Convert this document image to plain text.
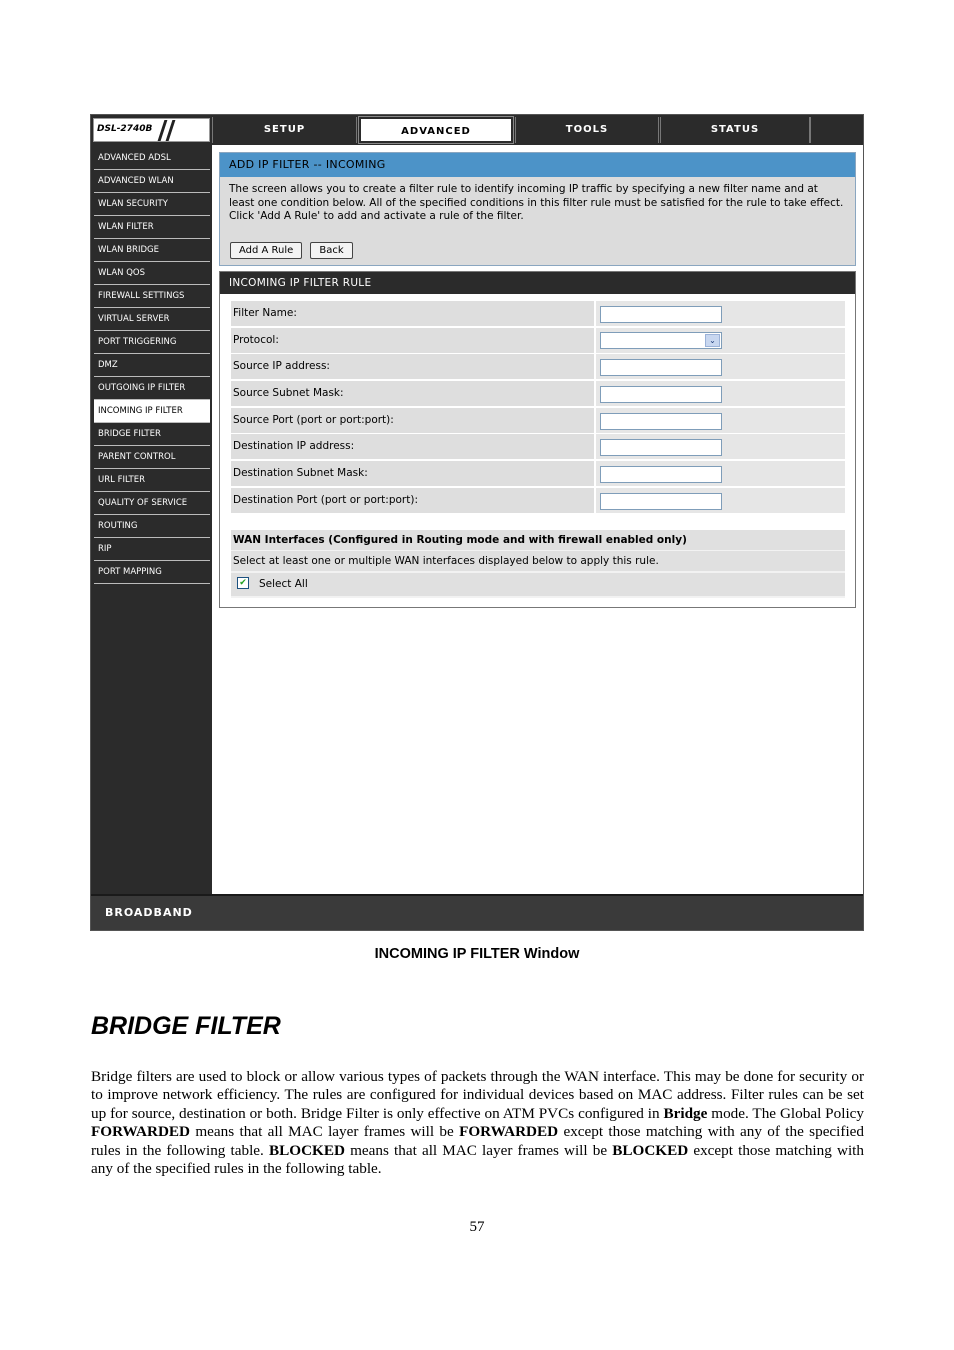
DSL-2740B	SETUP	ADVANCED	TOOLS	STATUS
ADVANCED ADSL
ADVANCED WLAN
WLAN SECURITY
WLAN FILTER
WLAN BRIDGE
WLAN QOS
FIREWALL SETTINGS
VIRTUAL SERVER
PORT TRIGGERING
DMZ
OUTGOING IP FILTER
INCOMING IP FILTER
BRIDGE FILTER
PARENT CONTROL
URL FILTER
QUALITY OF SERVICE
ROUTING
RIP
PORT MAPPING
ADD IP FILTER -- INCOMING
The screen allows you to create a filter rule to identify incoming IP traffic by specifying a new filter name and at least one condition below. All of the specified conditions in this filter rule must be satisfied for the rule to take effect. Click 'Add A Rule' to add and activate a rule of the filter.
Add A Rule	Back
INCOMING IP FILTER RULE
Filter Name:
Protocol:	⌄
Source IP address:
Source Subnet Mask:
Source Port (port or port:port):
Destination IP address:
Destination Subnet Mask:
Destination Port (port or port:port):
WAN Interfaces (Configured in Routing mode and with firewall enabled only)
Select at least one or multiple WAN interfaces displayed below to apply this rule.
✔ Select All
BROADBAND
INCOMING IP FILTER Window
BRIDGE FILTER

Bridge filters are used to block or allow various types of packets through the WAN interface. This may be done for security or to improve network efficiency. The rules are configured for individual devices based on MAC address. Filter rules can be set up for source, destination or both. Bridge Filter is only effective on ATM PVCs configured in Bridge mode. The Global Policy FORWARDED means that all MAC layer frames will be FORWARDED except those matching with any of the specified rules in the following table. BLOCKED means that all MAC layer frames will be BLOCKED except those matching with any of the specified rules in the following table.

57
